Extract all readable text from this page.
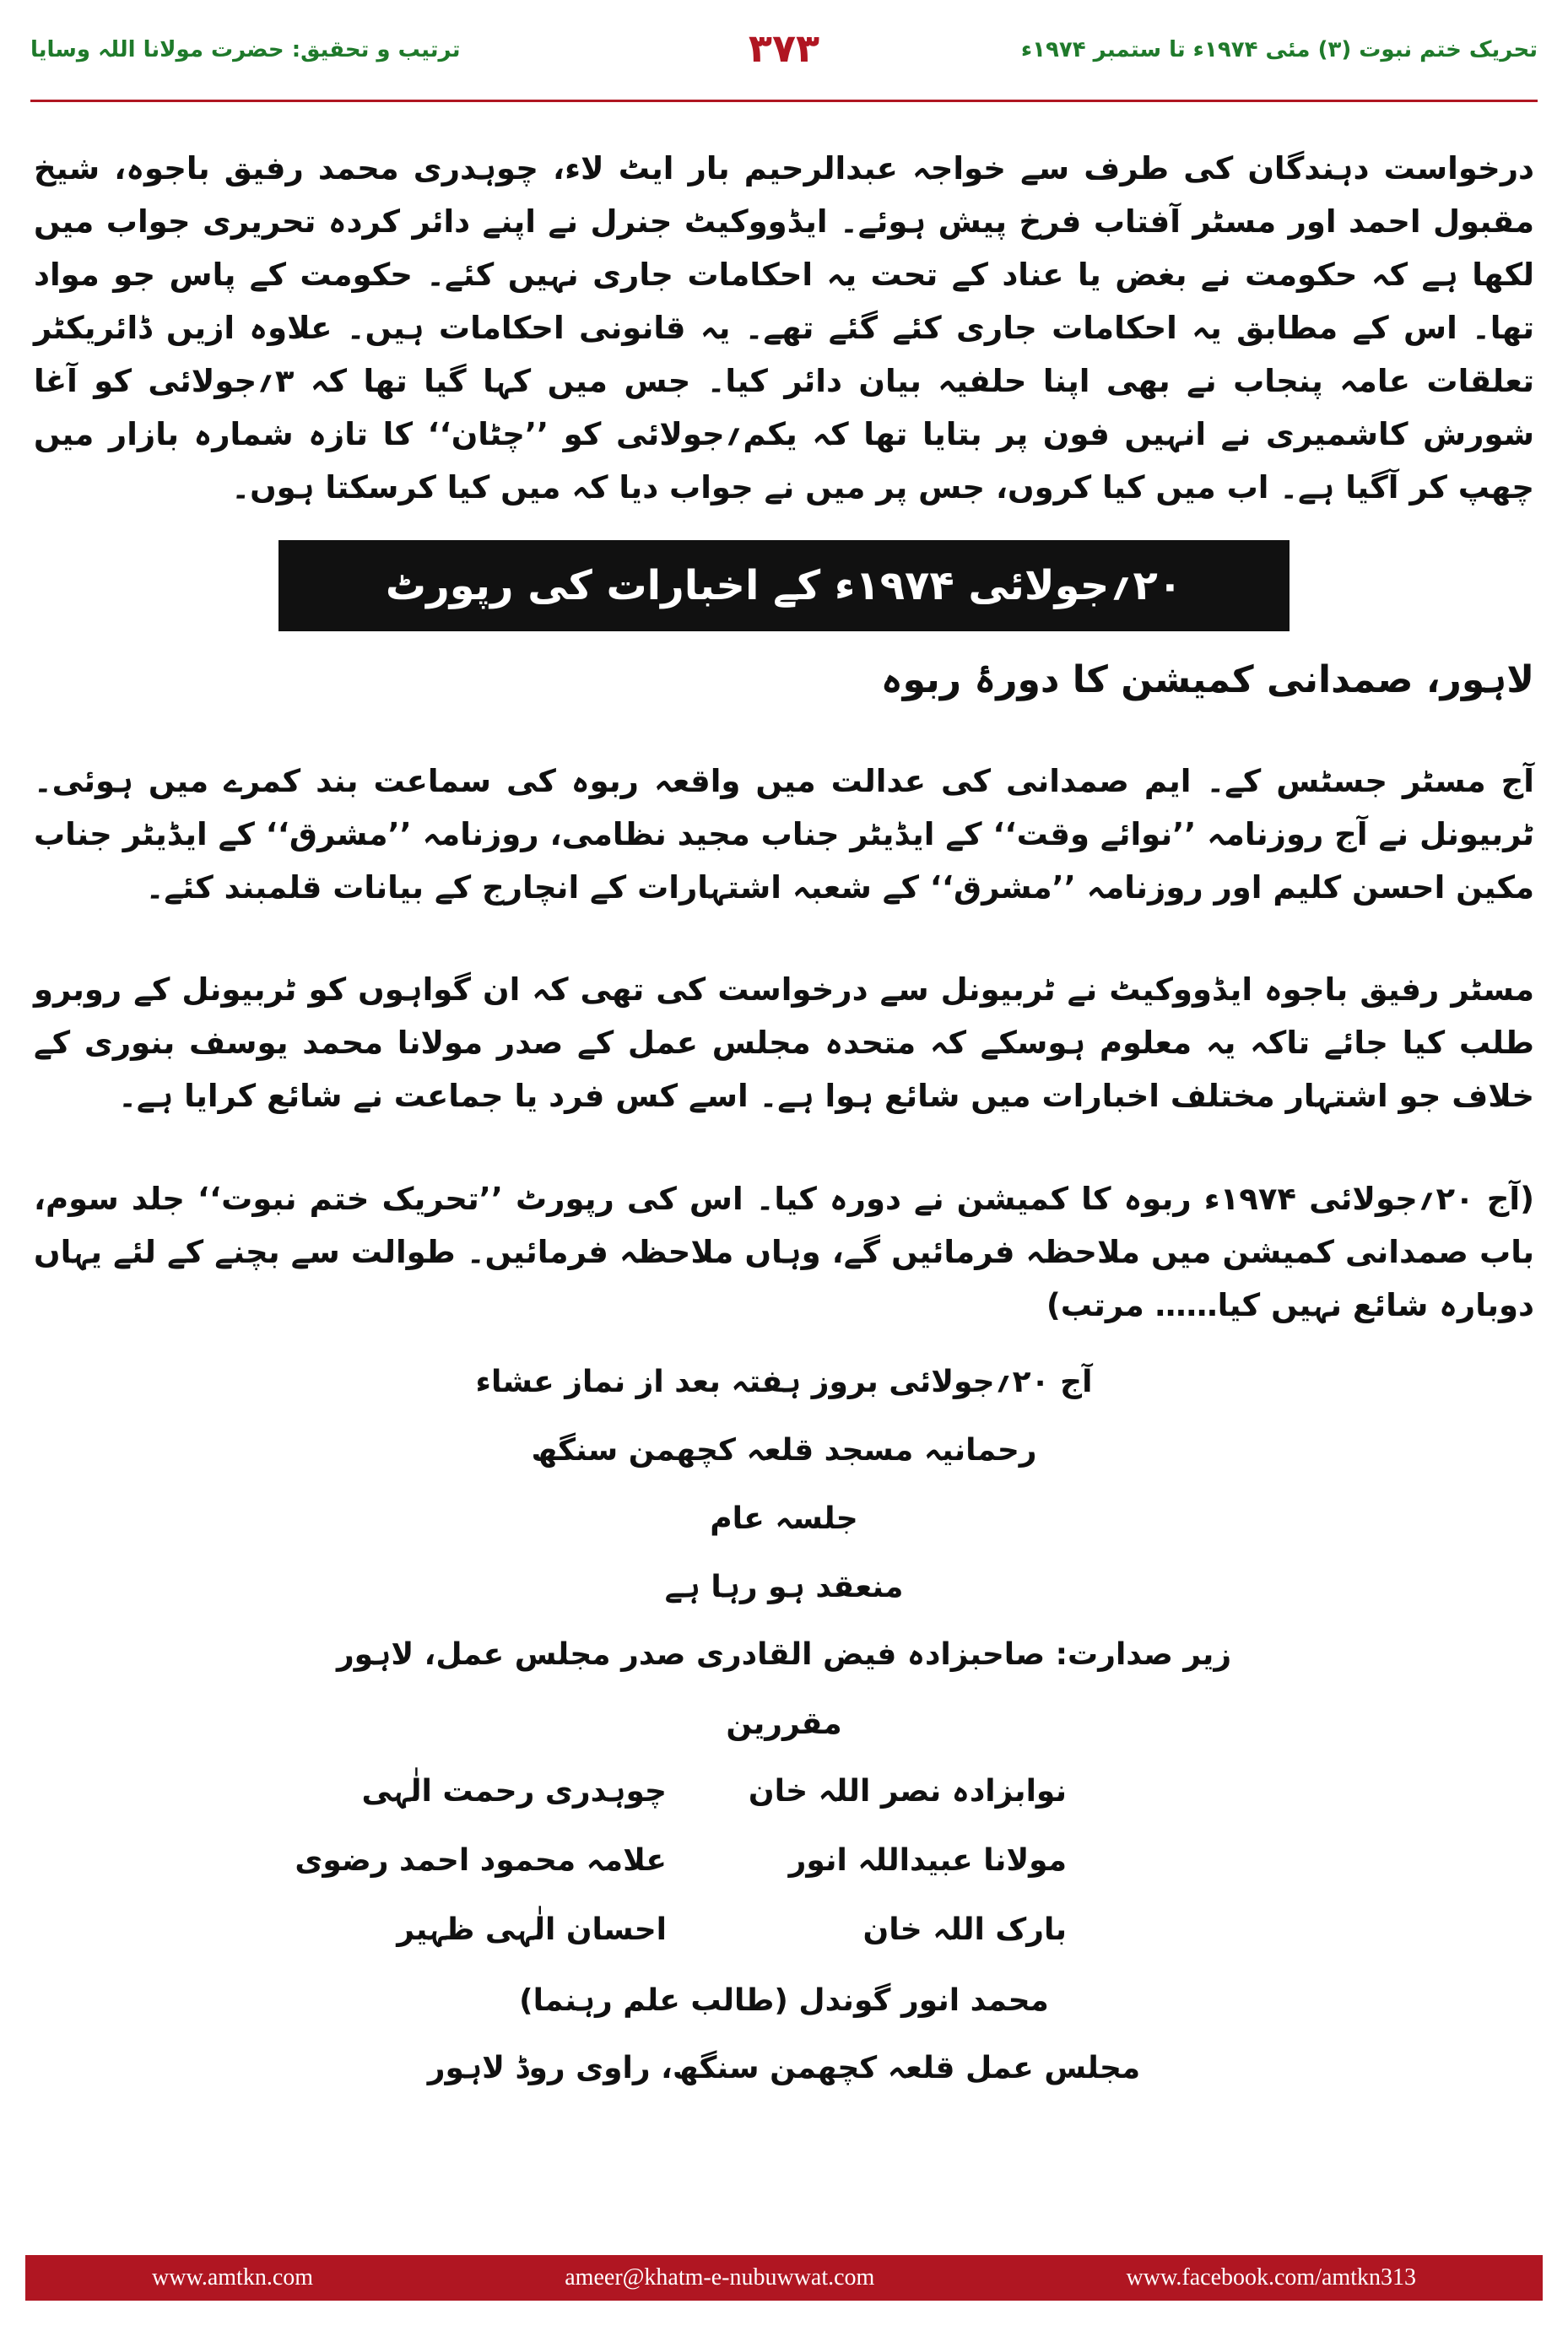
تحریک ختم نبوت (۳) مئی ۱۹۷۴ء تا ستمبر ۱۹۷۴ء
۳۷۳
ترتیب و تحقیق: حضرت مولانا اللہ وسایا
درخواست دہندگان کی طرف سے خواجہ عبدالرحیم بار ایٹ لاء، چوہدری محمد رفیق باجوہ، شیخ مقبول احمد اور مسٹر آفتاب فرخ پیش ہوئے۔ ایڈووکیٹ جنرل نے اپنے دائر کردہ تحریری جواب میں لکھا ہے کہ حکومت نے بغض یا عناد کے تحت یہ احکامات جاری نہیں کئے۔ حکومت کے پاس جو مواد تھا۔ اس کے مطابق یہ احکامات جاری کئے گئے تھے۔ یہ قانونی احکامات ہیں۔ علاوہ ازیں ڈائریکٹر تعلقات عامہ پنجاب نے بھی اپنا حلفیہ بیان دائر کیا۔ جس میں کہا گیا تھا کہ ۳؍جولائی کو آغا شورش کاشمیری نے انہیں فون پر بتایا تھا کہ یکم؍جولائی کو ’’چٹان‘‘ کا تازہ شمارہ بازار میں چھپ کر آگیا ہے۔ اب میں کیا کروں، جس پر میں نے جواب دیا کہ میں کیا کرسکتا ہوں۔
۲۰؍جولائی ۱۹۷۴ء کے اخبارات کی رپورٹ
لاہور، صمدانی کمیشن کا دورۂ ربوہ
آج مسٹر جسٹس کے۔ ایم صمدانی کی عدالت میں واقعہ ربوہ کی سماعت بند کمرے میں ہوئی۔ ٹربیونل نے آج روزنامہ ’’نوائے وقت‘‘ کے ایڈیٹر جناب مجید نظامی، روزنامہ ’’مشرق‘‘ کے ایڈیٹر جناب مکین احسن کلیم اور روزنامہ ’’مشرق‘‘ کے شعبہ اشتہارات کے انچارج کے بیانات قلمبند کئے۔
مسٹر رفیق باجوہ ایڈووکیٹ نے ٹربیونل سے درخواست کی تھی کہ ان گواہوں کو ٹربیونل کے روبرو طلب کیا جائے تاکہ یہ معلوم ہوسکے کہ متحدہ مجلس عمل کے صدر مولانا محمد یوسف بنوری کے خلاف جو اشتہار مختلف اخبارات میں شائع ہوا ہے۔ اسے کس فرد یا جماعت نے شائع کرایا ہے۔
(آج ۲۰؍جولائی ۱۹۷۴ء ربوہ کا کمیشن نے دورہ کیا۔ اس کی رپورٹ ’’تحریک ختم نبوت‘‘ جلد سوم، باب صمدانی کمیشن میں ملاحظہ فرمائیں گے، وہاں ملاحظہ فرمائیں۔ طوالت سے بچنے کے لئے یہاں دوبارہ شائع نہیں کیا…… مرتب)
آج ۲۰؍جولائی بروز ہفتہ بعد از نماز عشاء
رحمانیہ مسجد قلعہ کچھمن سنگھ
جلسہ عام
منعقد ہو رہا ہے
زیر صدارت: صاحبزادہ فیض القادری صدر مجلس عمل، لاہور
مقررین
نوابزادہ نصر اللہ خان
چوہدری رحمت الٰہی
مولانا عبیداللہ انور
علامہ محمود احمد رضوی
بارک اللہ خان
احسان الٰہی ظہیر
محمد انور گوندل (طالب علم رہنما)
مجلس عمل قلعہ کچھمن سنگھ، راوی روڈ لاہور
www.amtkn.com	ameer@khatm-e-nubuwwat.com	www.facebook.com/amtkn313
